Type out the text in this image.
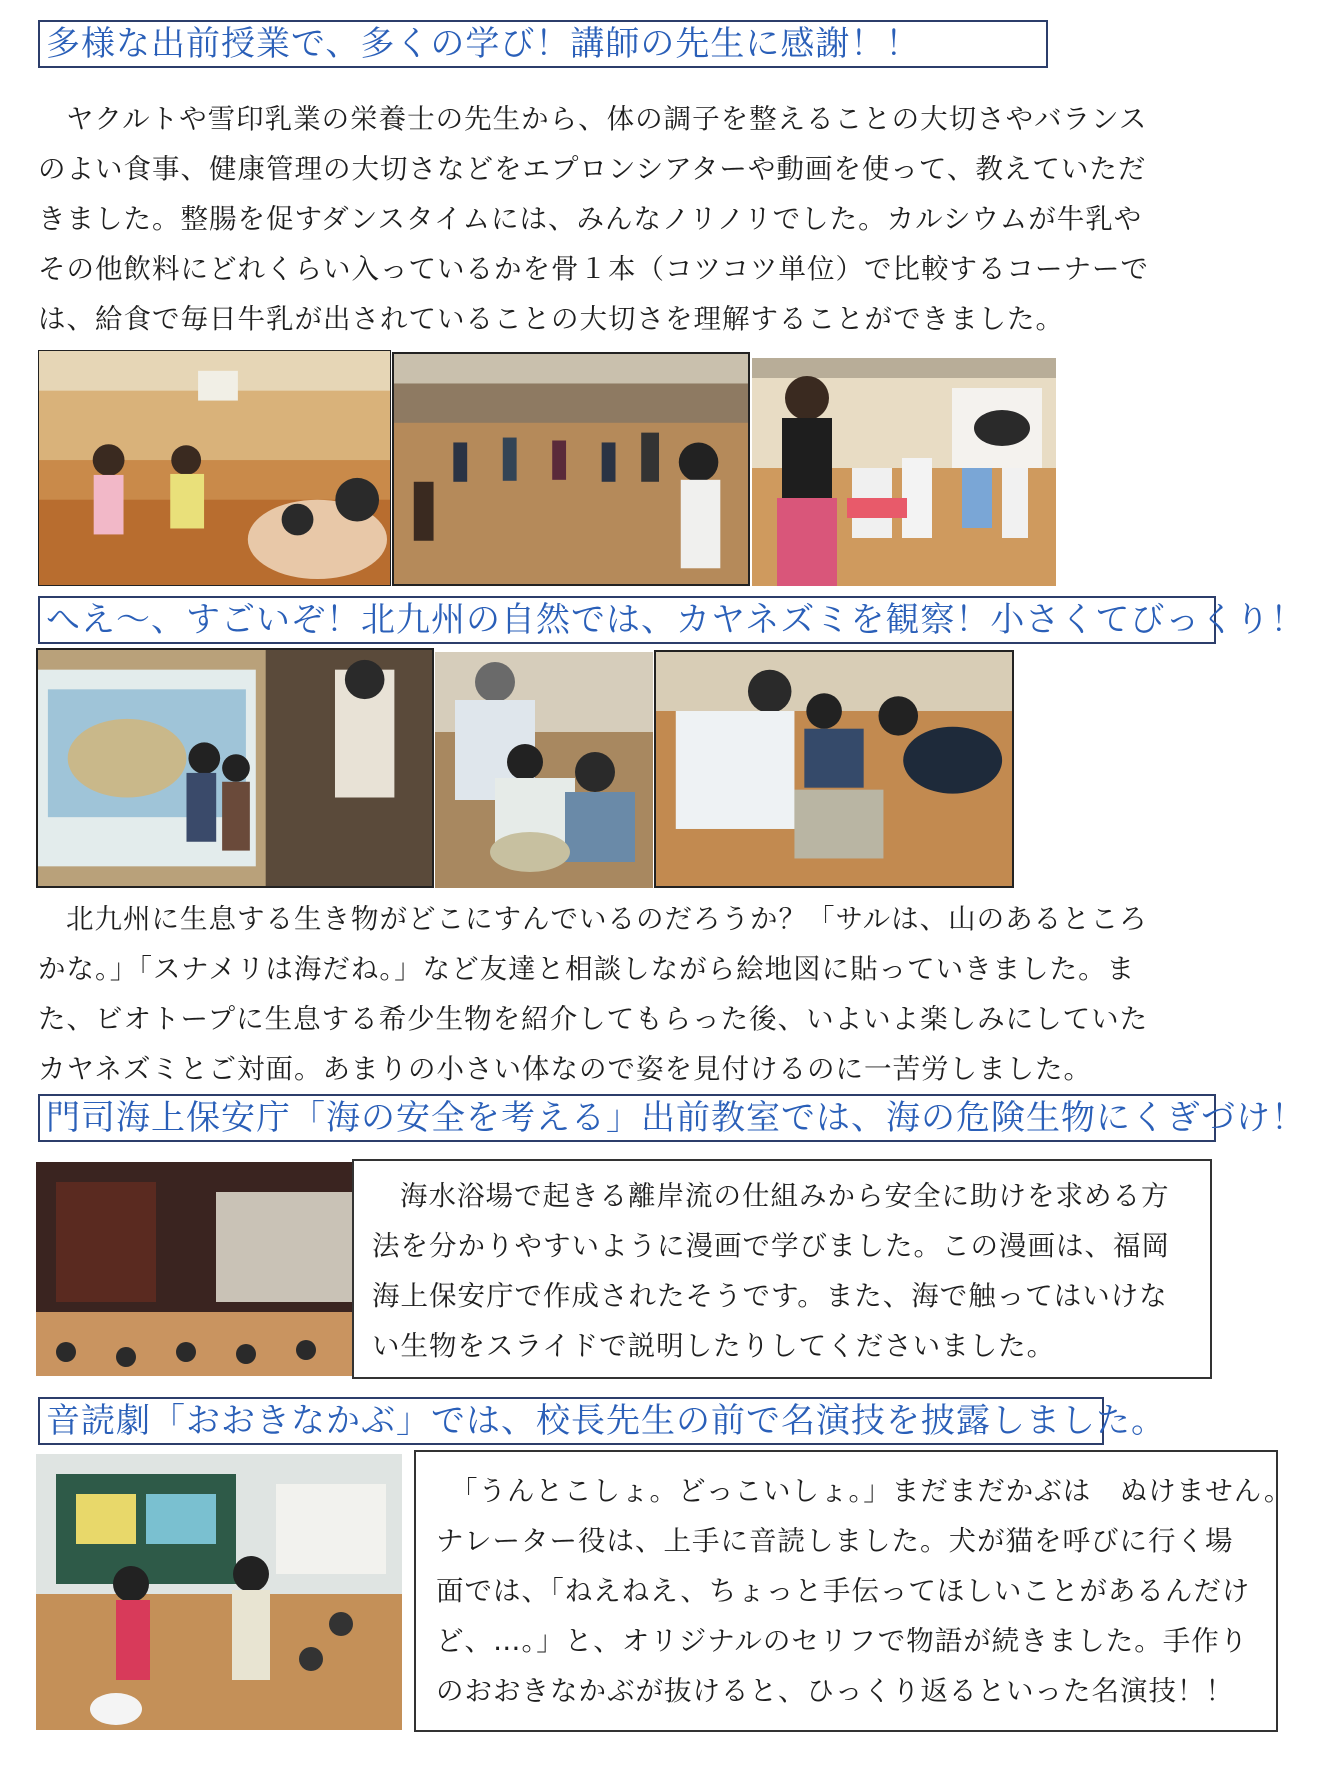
多様な出前授業で、多くの学び！講師の先生に感謝！！
ヤクルトや雪印乳業の栄養士の先生から、体の調子を整えることの大切さやバランス
のよい食事、健康管理の大切さなどをエプロンシアターや動画を使って、教えていただ
きました。整腸を促すダンスタイムには、みんなノリノリでした。カルシウムが牛乳や
その他飲料にどれくらい入っているかを骨１本（コツコツ単位）で比較するコーナーで
は、給食で毎日牛乳が出されていることの大切さを理解することができました。
へえ～、すごいぞ！北九州の自然では、カヤネズミを観察！小さくてびっくり！
北九州に生息する生き物がどこにすんでいるのだろうか？「サルは、山のあるところ
かな。」「スナメリは海だね。」など友達と相談しながら絵地図に貼っていきました。ま
た、ビオトープに生息する希少生物を紹介してもらった後、いよいよ楽しみにしていた
カヤネズミとご対面。あまりの小さい体なので姿を見付けるのに一苦労しました。
門司海上保安庁「海の安全を考える」出前教室では、海の危険生物にくぎづけ！
海水浴場で起きる離岸流の仕組みから安全に助けを求める方
法を分かりやすいように漫画で学びました。この漫画は、福岡
海上保安庁で作成されたそうです。また、海で触ってはいけな
い生物をスライドで説明したりしてくださいました。
音読劇「おおきなかぶ」では、校長先生の前で名演技を披露しました。
「うんとこしょ。どっこいしょ。」まだまだかぶは　ぬけません。
ナレーター役は、上手に音読しました。犬が猫を呼びに行く場
面では、「ねえねえ、ちょっと手伝ってほしいことがあるんだけ
ど、…。」と、オリジナルのセリフで物語が続きました。手作り
のおおきなかぶが抜けると、ひっくり返るといった名演技！！
